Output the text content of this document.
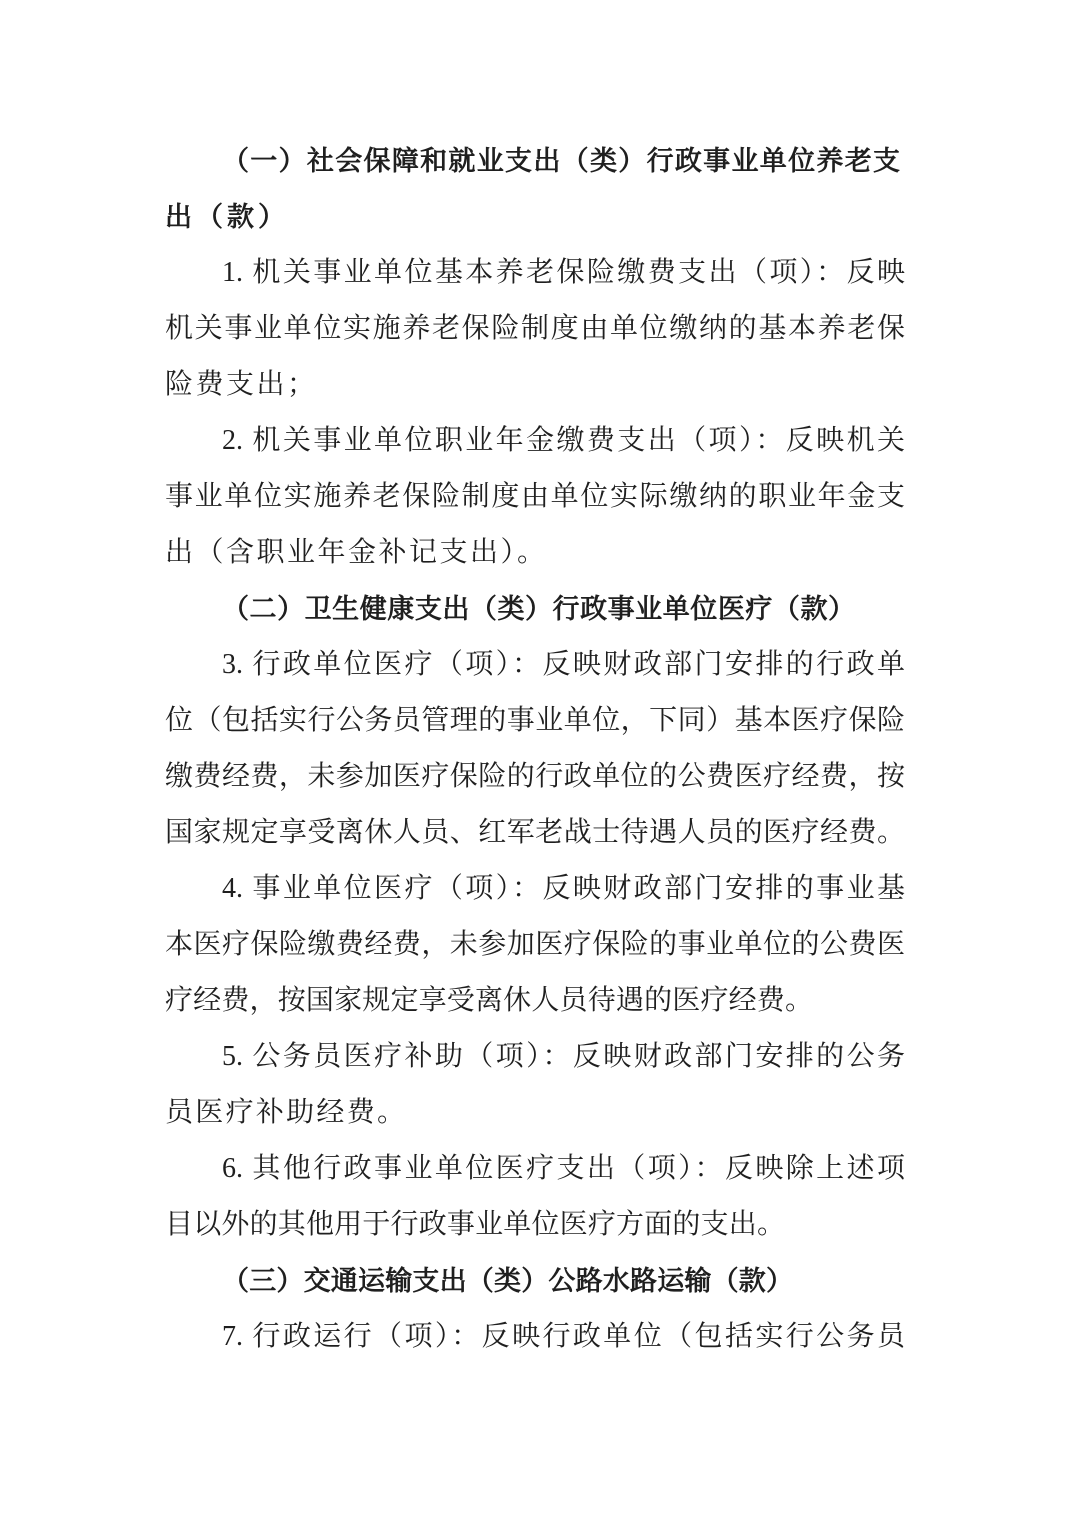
（一）社会保障和就业支出（类）行政事业单位养老支
出（款）
1. 机关事业单位基本养老保险缴费支出（项）：反映
机关事业单位实施养老保险制度由单位缴纳的基本养老保
险费支出；
2. 机关事业单位职业年金缴费支出（项）：反映机关
事业单位实施养老保险制度由单位实际缴纳的职业年金支
出（含职业年金补记支出）。
（二）卫生健康支出（类）行政事业单位医疗（款）
3. 行政单位医疗（项）：反映财政部门安排的行政单
位（包括实行公务员管理的事业单位，下同）基本医疗保险
缴费经费，未参加医疗保险的行政单位的公费医疗经费，按
国家规定享受离休人员、红军老战士待遇人员的医疗经费。
4. 事业单位医疗（项）：反映财政部门安排的事业基
本医疗保险缴费经费，未参加医疗保险的事业单位的公费医
疗经费，按国家规定享受离休人员待遇的医疗经费。
5. 公务员医疗补助（项）：反映财政部门安排的公务
员医疗补助经费。
6. 其他行政事业单位医疗支出（项）：反映除上述项
目以外的其他用于行政事业单位医疗方面的支出。
（三）交通运输支出（类）公路水路运输（款）
7. 行政运行（项）：反映行政单位（包括实行公务员
